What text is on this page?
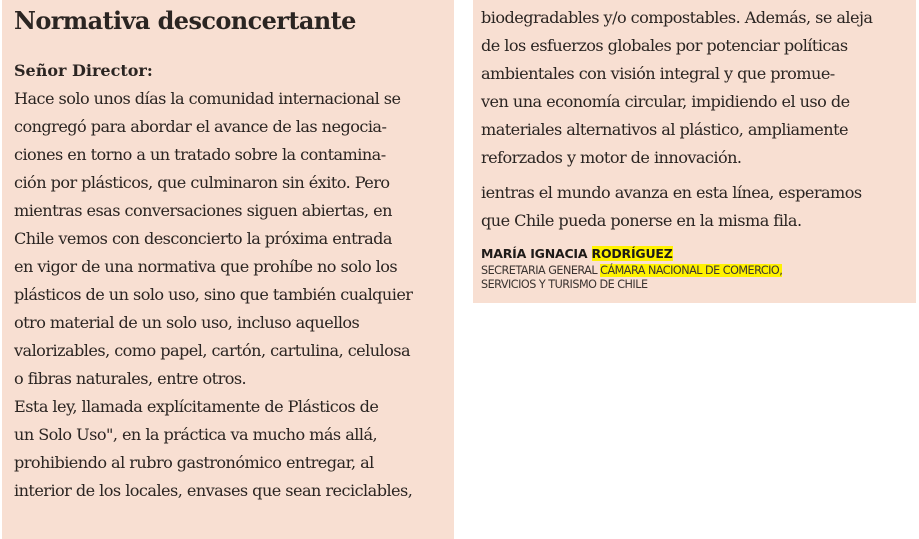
Normativa desconcertante
Señor Director:
Hace solo unos días la comunidad internacional se
congregó para abordar el avance de las negocia-
ciones en torno a un tratado sobre la contamina-
ción por plásticos, que culminaron sin éxito. Pero
mientras esas conversaciones siguen abiertas, en
Chile vemos con desconcierto la próxima entrada
en vigor de una normativa que prohíbe no solo los
plásticos de un solo uso, sino que también cualquier
otro material de un solo uso, incluso aquellos
valorizables, como papel, cartón, cartulina, celulosa
o fibras naturales, entre otros.
Esta ley, llamada explícitamente de Plásticos de
un Solo Uso", en la práctica va mucho más allá,
prohibiendo al rubro gastronómico entregar, al
interior de los locales, envases que sean reciclables,
biodegradables y/o compostables. Además, se aleja
de los esfuerzos globales por potenciar políticas
ambientales con visión integral y que promue-
ven una economía circular, impidiendo el uso de
materiales alternativos al plástico, ampliamente
reforzados y motor de innovación.
ientras el mundo avanza en esta línea, esperamos
que Chile pueda ponerse en la misma fila.
MARÍA IGNACIA RODRÍGUEZ
SECRETARIA GENERAL CÁMARA NACIONAL DE COMERCIO,
SERVICIOS Y TURISMO DE CHILE
